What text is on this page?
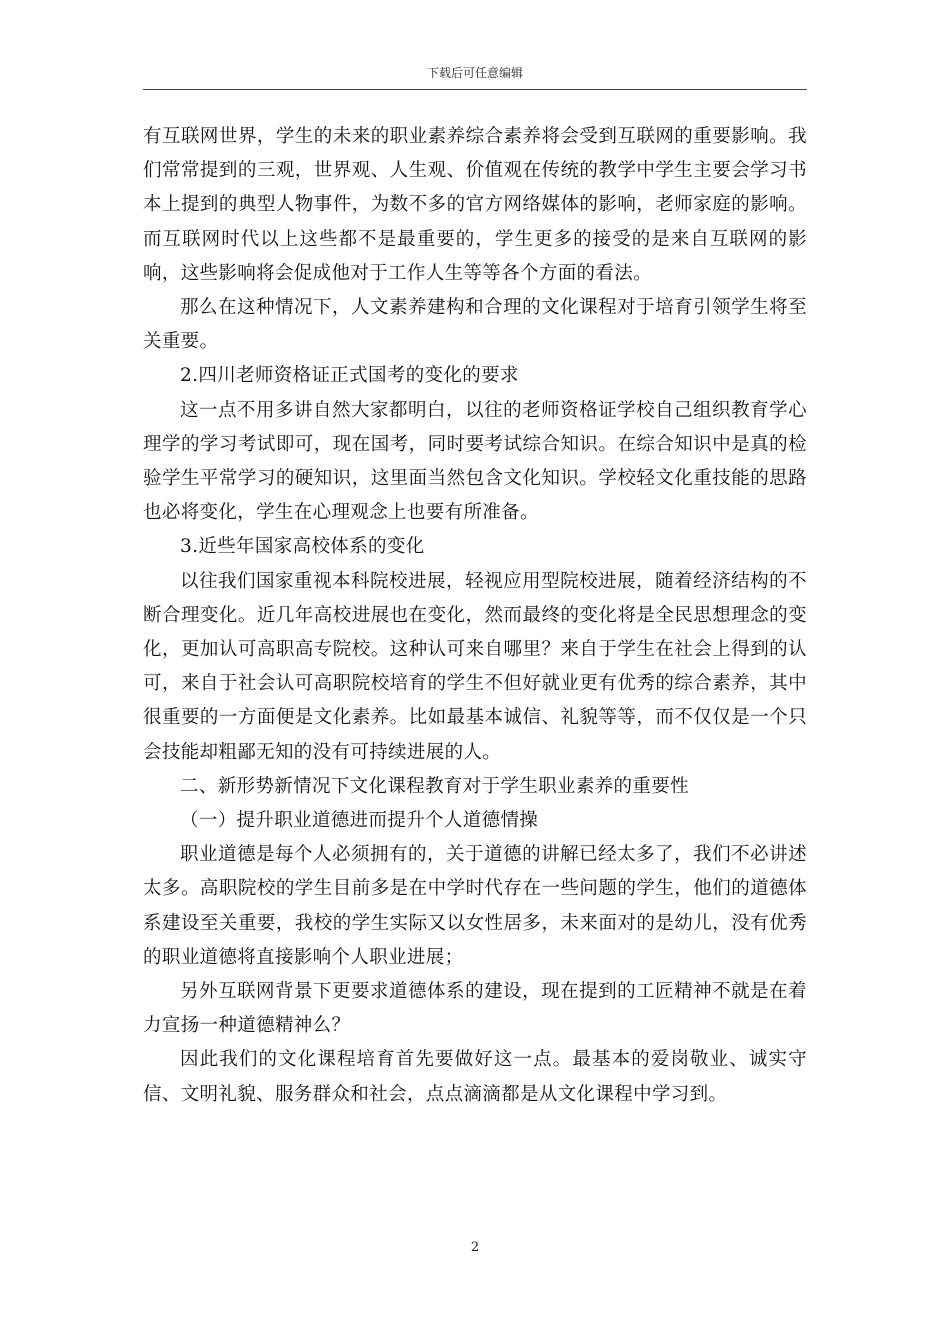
下载后可任意编辑

有互联网世界，学生的未来的职业素养综合素养将会受到互联网的重要影响。我们常常提到的三观，世界观、人生观、价值观在传统的教学中学生主要会学习书本上提到的典型人物事件，为数不多的官方网络媒体的影响，老师家庭的影响。而互联网时代以上这些都不是最重要的，学生更多的接受的是来自互联网的影响，这些影响将会促成他对于工作人生等等各个方面的看法。

那么在这种情况下，人文素养建构和合理的文化课程对于培育引领学生将至关重要。

2.四川老师资格证正式国考的变化的要求

这一点不用多讲自然大家都明白，以往的老师资格证学校自己组织教育学心理学的学习考试即可，现在国考，同时要考试综合知识。在综合知识中是真的检验学生平常学习的硬知识，这里面当然包含文化知识。学校轻文化重技能的思路也必将变化，学生在心理观念上也要有所准备。

3.近些年国家高校体系的变化

以往我们国家重视本科院校进展，轻视应用型院校进展，随着经济结构的不断合理变化。近几年高校进展也在变化，然而最终的变化将是全民思想理念的变化，更加认可高职高专院校。这种认可来自哪里？来自于学生在社会上得到的认可，来自于社会认可高职院校培育的学生不但好就业更有优秀的综合素养，其中很重要的一方面便是文化素养。比如最基本诚信、礼貌等等，而不仅仅是一个只会技能却粗鄙无知的没有可持续进展的人。

二、新形势新情况下文化课程教育对于学生职业素养的重要性

（一）提升职业道德进而提升个人道德情操

职业道德是每个人必须拥有的，关于道德的讲解已经太多了，我们不必讲述太多。高职院校的学生目前多是在中学时代存在一些问题的学生，他们的道德体系建设至关重要，我校的学生实际又以女性居多，未来面对的是幼儿，没有优秀的职业道德将直接影响个人职业进展；

另外互联网背景下更要求道德体系的建设，现在提到的工匠精神不就是在着力宣扬一种道德精神么？

因此我们的文化课程培育首先要做好这一点。最基本的爱岗敬业、诚实守信、文明礼貌、服务群众和社会，点点滴滴都是从文化课程中学习到。

2
